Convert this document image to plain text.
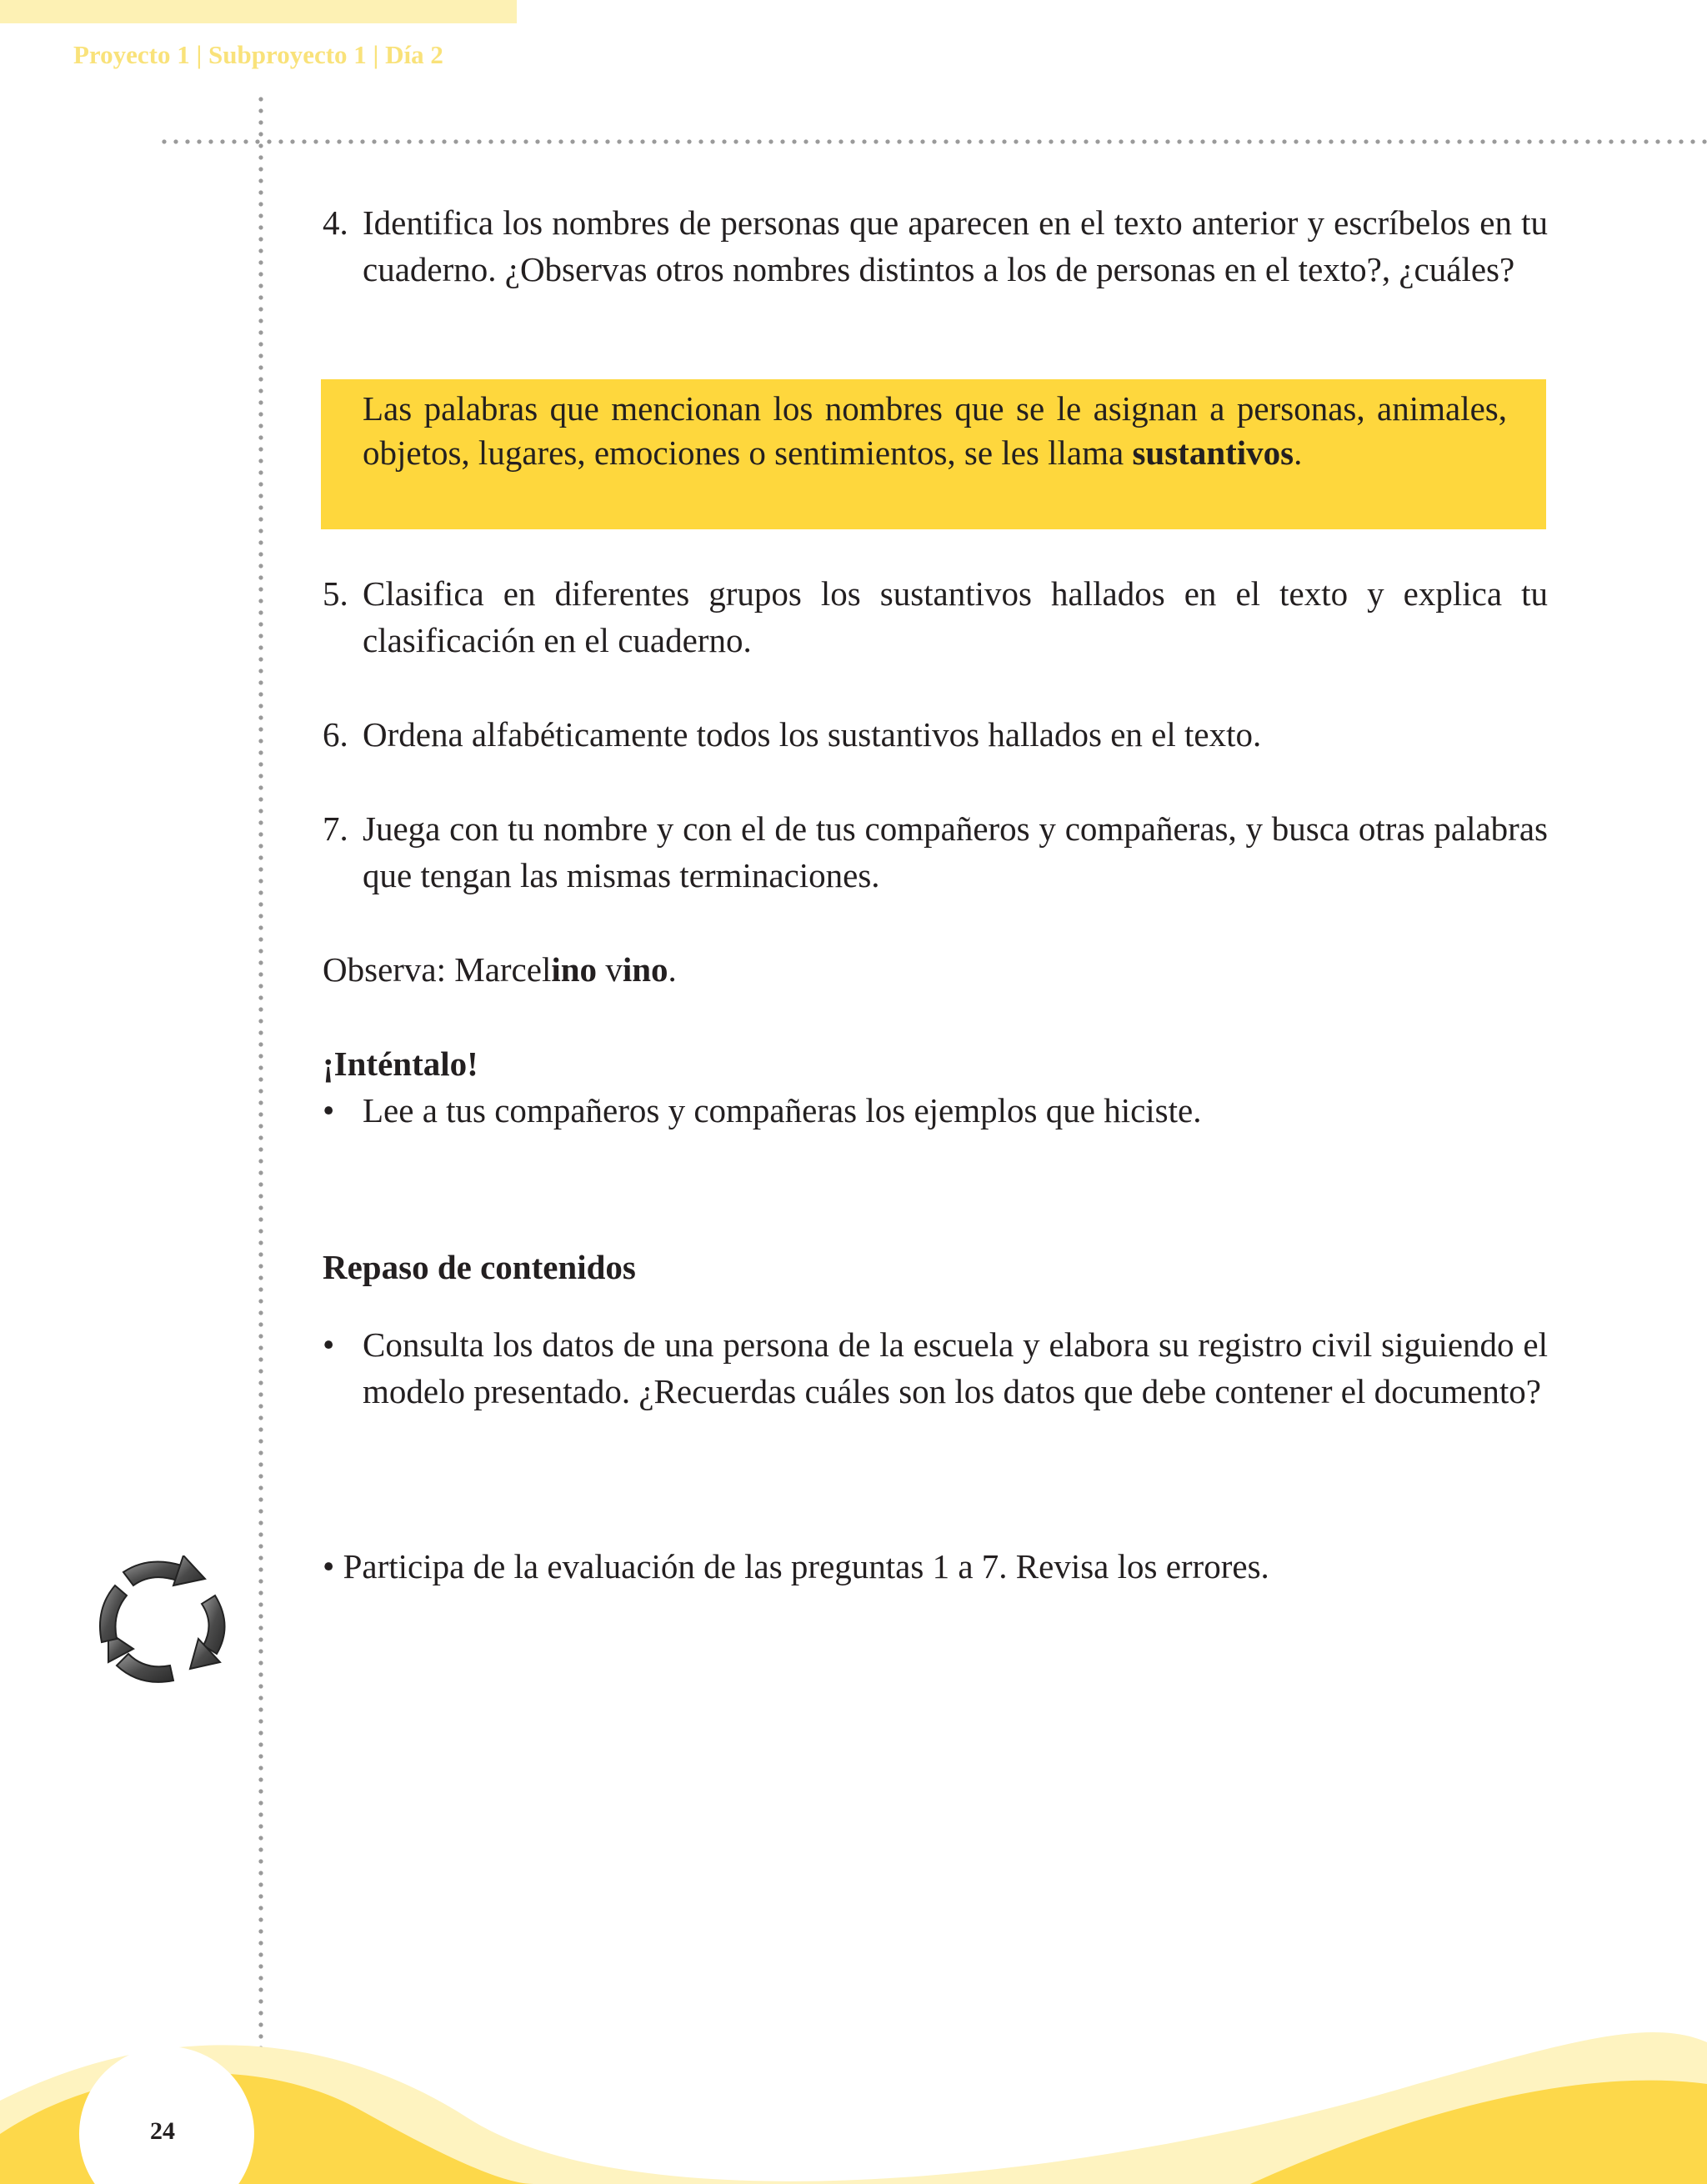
Proyecto 1 | Subproyecto 1 | Día 2

4. Identifica los nombres de personas que aparecen en el texto anterior y escríbelos en tu cuaderno. ¿Observas otros nombres distintos a los de personas en el texto?, ¿cuáles?

Las palabras que mencionan los nombres que se le asignan a personas, animales, objetos, lugares, emociones o sentimientos, se les llama sustantivos.

5. Clasifica en diferentes grupos los sustantivos hallados en el texto y explica tu clasificación en el cuaderno.
6. Ordena alfabéticamente todos los sustantivos hallados en el texto.
7. Juega con tu nombre y con el de tus compañeros y compañeras, y busca otras palabras que tengan las mismas terminaciones.

Observa: Marcelino vino.

¡Inténtalo!

• Lee a tus compañeros y compañeras los ejemplos que hiciste.

Repaso de contenidos

• Consulta los datos de una persona de la escuela y elabora su registro civil siguiendo el modelo presentado. ¿Recuerdas cuáles son los datos que debe contener el documento?

• Participa de la evaluación de las preguntas 1 a 7. Revisa los errores.

24
